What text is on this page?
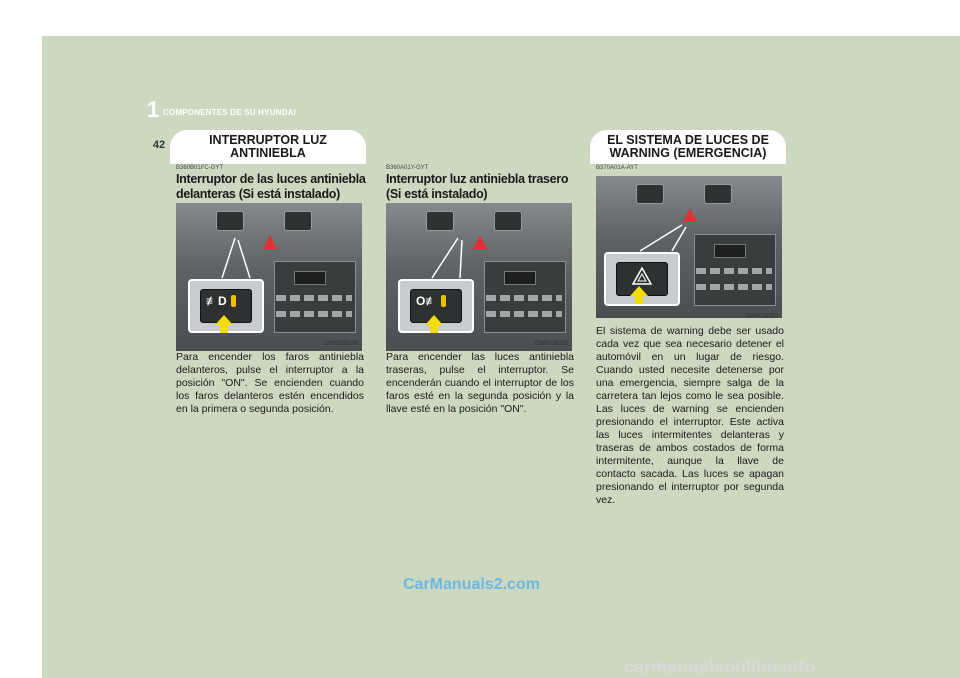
1 COMPONENTES DE SU HYUNDAI
42	INTERRUPTOR LUZ ANTINIEBLA
EL SISTEMA DE LUCES DE WARNING (EMERGENCIA)
B360B01FC-GYT
Interruptor de las luces antiniebla
delanteras (Si está instalado)
≢D
OHR028100
Para encender los faros antiniebla delanteros, pulse el interruptor a la posición "ON". Se encienden cuando los faros delanteros estén encendidos en la primera o segunda posición.
B360A01Y-GYT
Interruptor luz antiniebla trasero
(Si está instalado)
O≢
OHR028101
Para encender las luces antiniebla traseras, pulse el interruptor. Se encenderán cuando el interruptor de los faros esté en la segunda posición y la llave esté en la posición "ON".
B370A01A-AYT
OHR028102
El sistema de warning debe ser usado cada vez que sea necesario detener el automóvil en un lugar de riesgo. Cuando usted necesite detenerse por una emergencia, siempre salga de la carretera tan lejos como le sea posible. Las luces de warning se encienden presionando el interruptor. Este activa las luces intermitentes delanteras y traseras de ambos costados de forma intermitente, aunque la llave de contacto sacada. Las luces se apagan presionando el interruptor por segunda vez.
CarManuals2.com
carmanualsonline.info
